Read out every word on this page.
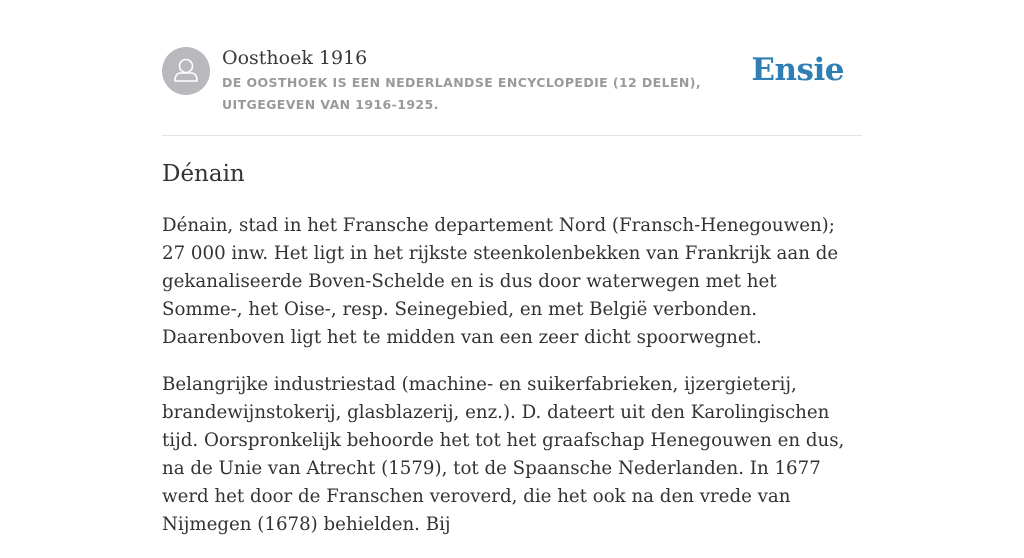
Oosthoek 1916
DE OOSTHOEK IS EEN NEDERLANDSE ENCYCLOPEDIE (12 DELEN), UITGEGEVEN VAN 1916-1925.
Ensie
Dénain

Dénain, stad in het Fransche departement Nord (Fransch-Henegouwen); 27 000 inw. Het ligt in het rijkste steenkolenbekken van Frankrijk aan de gekanaliseerde Boven-Schelde en is dus door waterwegen met het Somme-, het Oise-, resp. Seinegebied, en met België verbonden. Daarenboven ligt het te midden van een zeer dicht spoorwegnet.

Belangrijke industriestad (machine- en suikerfabrieken, ijzergieterij, brandewijnstokerij, glasblazerij, enz.). D. dateert uit den Karolingischen tijd. Oorspronkelijk behoorde het tot het graafschap Henegouwen en dus, na de Unie van Atrecht (1579), tot de Spaansche Nederlanden. In 1677 werd het door de Franschen veroverd, die het ook na den vrede van Nijmegen (1678) behielden. Bij
